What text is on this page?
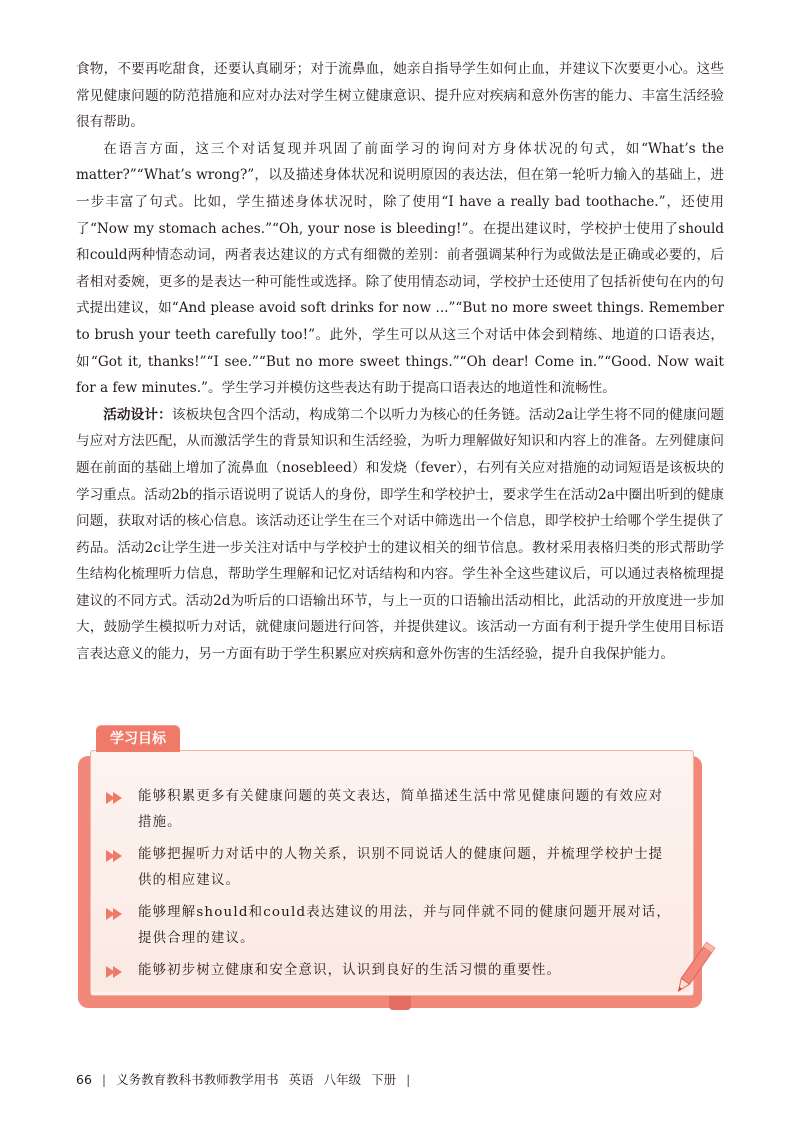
食物，不要再吃甜食，还要认真刷牙；对于流鼻血，她亲自指导学生如何止血，并建议下次要更小心。这些常见健康问题的防范措施和应对办法对学生树立健康意识、提升应对疾病和意外伤害的能力、丰富生活经验很有帮助。

在语言方面，这三个对话复现并巩固了前面学习的询问对方身体状况的句式，如“What’s the matter?”“What’s wrong?”，以及描述身体状况和说明原因的表达法，但在第一轮听力输入的基础上，进一步丰富了句式。比如，学生描述身体状况时，除了使用“I have a really bad toothache.”，还使用了“Now my stomach aches.”“Oh, your nose is bleeding!”。在提出建议时，学校护士使用了should和could两种情态动词，两者表达建议的方式有细微的差别：前者强调某种行为或做法是正确或必要的，后者相对委婉，更多的是表达一种可能性或选择。除了使用情态动词，学校护士还使用了包括祈使句在内的句式提出建议，如“And please avoid soft drinks for now ...”“But no more sweet things. Remember to brush your teeth carefully too!”。此外，学生可以从这三个对话中体会到精练、地道的口语表达，如“Got it, thanks!”“I see.”“But no more sweet things.”“Oh dear! Come in.”“Good. Now wait for a few minutes.”。学生学习并模仿这些表达有助于提高口语表达的地道性和流畅性。

活动设计：该板块包含四个活动，构成第二个以听力为核心的任务链。活动2a让学生将不同的健康问题与应对方法匹配，从而激活学生的背景知识和生活经验，为听力理解做好知识和内容上的准备。左列健康问题在前面的基础上增加了流鼻血（nosebleed）和发烧（fever），右列有关应对措施的动词短语是该板块的学习重点。活动2b的指示语说明了说话人的身份，即学生和学校护士，要求学生在活动2a中圈出听到的健康问题，获取对话的核心信息。该活动还让学生在三个对话中筛选出一个信息，即学校护士给哪个学生提供了药品。活动2c让学生进一步关注对话中与学校护士的建议相关的细节信息。教材采用表格归类的形式帮助学生结构化梳理听力信息，帮助学生理解和记忆对话结构和内容。学生补全这些建议后，可以通过表格梳理提建议的不同方式。活动2d为听后的口语输出环节，与上一页的口语输出活动相比，此活动的开放度进一步加大，鼓励学生模拟听力对话，就健康问题进行问答，并提供建议。该活动一方面有利于提升学生使用目标语言表达意义的能力，另一方面有助于学生积累应对疾病和意外伤害的生活经验，提升自我保护能力。

学习目标
能够积累更多有关健康问题的英文表达，简单描述生活中常见健康问题的有效应对措施。
能够把握听力对话中的人物关系，识别不同说话人的健康问题，并梳理学校护士提供的相应建议。
能够理解should和could表达建议的用法，并与同伴就不同的健康问题开展对话，提供合理的建议。
能够初步树立健康和安全意识，认识到良好的生活习惯的重要性。
66 | 义务教育教科书教师教学用书 英语 八年级 下册 |
